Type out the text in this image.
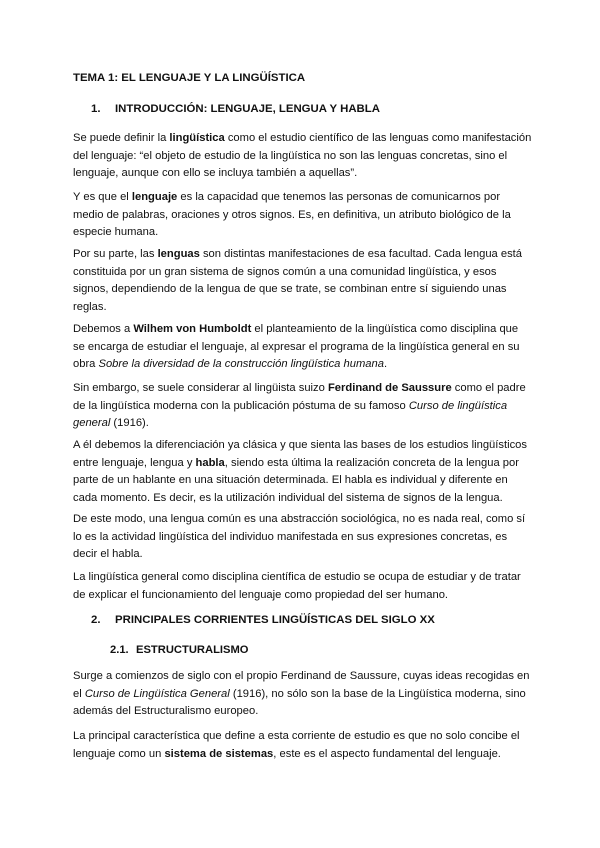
TEMA 1: EL LENGUAJE Y LA LINGÜÍSTICA
1. INTRODUCCIÓN: LENGUAJE, LENGUA Y HABLA

Se puede definir la lingüística como el estudio científico de las lenguas como manifestación del lenguaje: “el objeto de estudio de la lingüística no son las lenguas concretas, sino el lenguaje, aunque con ello se incluya también a aquellas”.

Y es que el lenguaje es la capacidad que tenemos las personas de comunicarnos por medio de palabras, oraciones y otros signos. Es, en definitiva, un atributo biológico de la especie humana.

Por su parte, las lenguas son distintas manifestaciones de esa facultad. Cada lengua está constituida por un gran sistema de signos común a una comunidad lingüística, y esos signos, dependiendo de la lengua de que se trate, se combinan entre sí siguiendo unas reglas.

Debemos a Wilhem von Humboldt el planteamiento de la lingüística como disciplina que se encarga de estudiar el lenguaje, al expresar el programa de la lingüística general en su obra Sobre la diversidad de la construcción lingüística humana.

Sin embargo, se suele considerar al lingüista suizo Ferdinand de Saussure como el padre de la lingüística moderna con la publicación póstuma de su famoso Curso de lingüística general (1916).

A él debemos la diferenciación ya clásica y que sienta las bases de los estudios lingüísticos entre lenguaje, lengua y habla, siendo esta última la realización concreta de la lengua por parte de un hablante en una situación determinada. El habla es individual y diferente en cada momento. Es decir, es la utilización individual del sistema de signos de la lengua.

De este modo, una lengua común es una abstracción sociológica, no es nada real, como sí lo es la actividad lingüística del individuo manifestada en sus expresiones concretas, es decir el habla.

La lingüística general como disciplina científica de estudio se ocupa de estudiar y de tratar de explicar el funcionamiento del lenguaje como propiedad del ser humano.

2. PRINCIPALES CORRIENTES LINGÜÍSTICAS DEL SIGLO XX
2.1. ESTRUCTURALISMO

Surge a comienzos de siglo con el propio Ferdinand de Saussure, cuyas ideas recogidas en el Curso de Lingüística General (1916), no sólo son la base de la Lingüística moderna, sino además del Estructuralismo europeo.

La principal característica que define a esta corriente de estudio es que no solo concibe el lenguaje como un sistema de sistemas, este es el aspecto fundamental del lenguaje.
